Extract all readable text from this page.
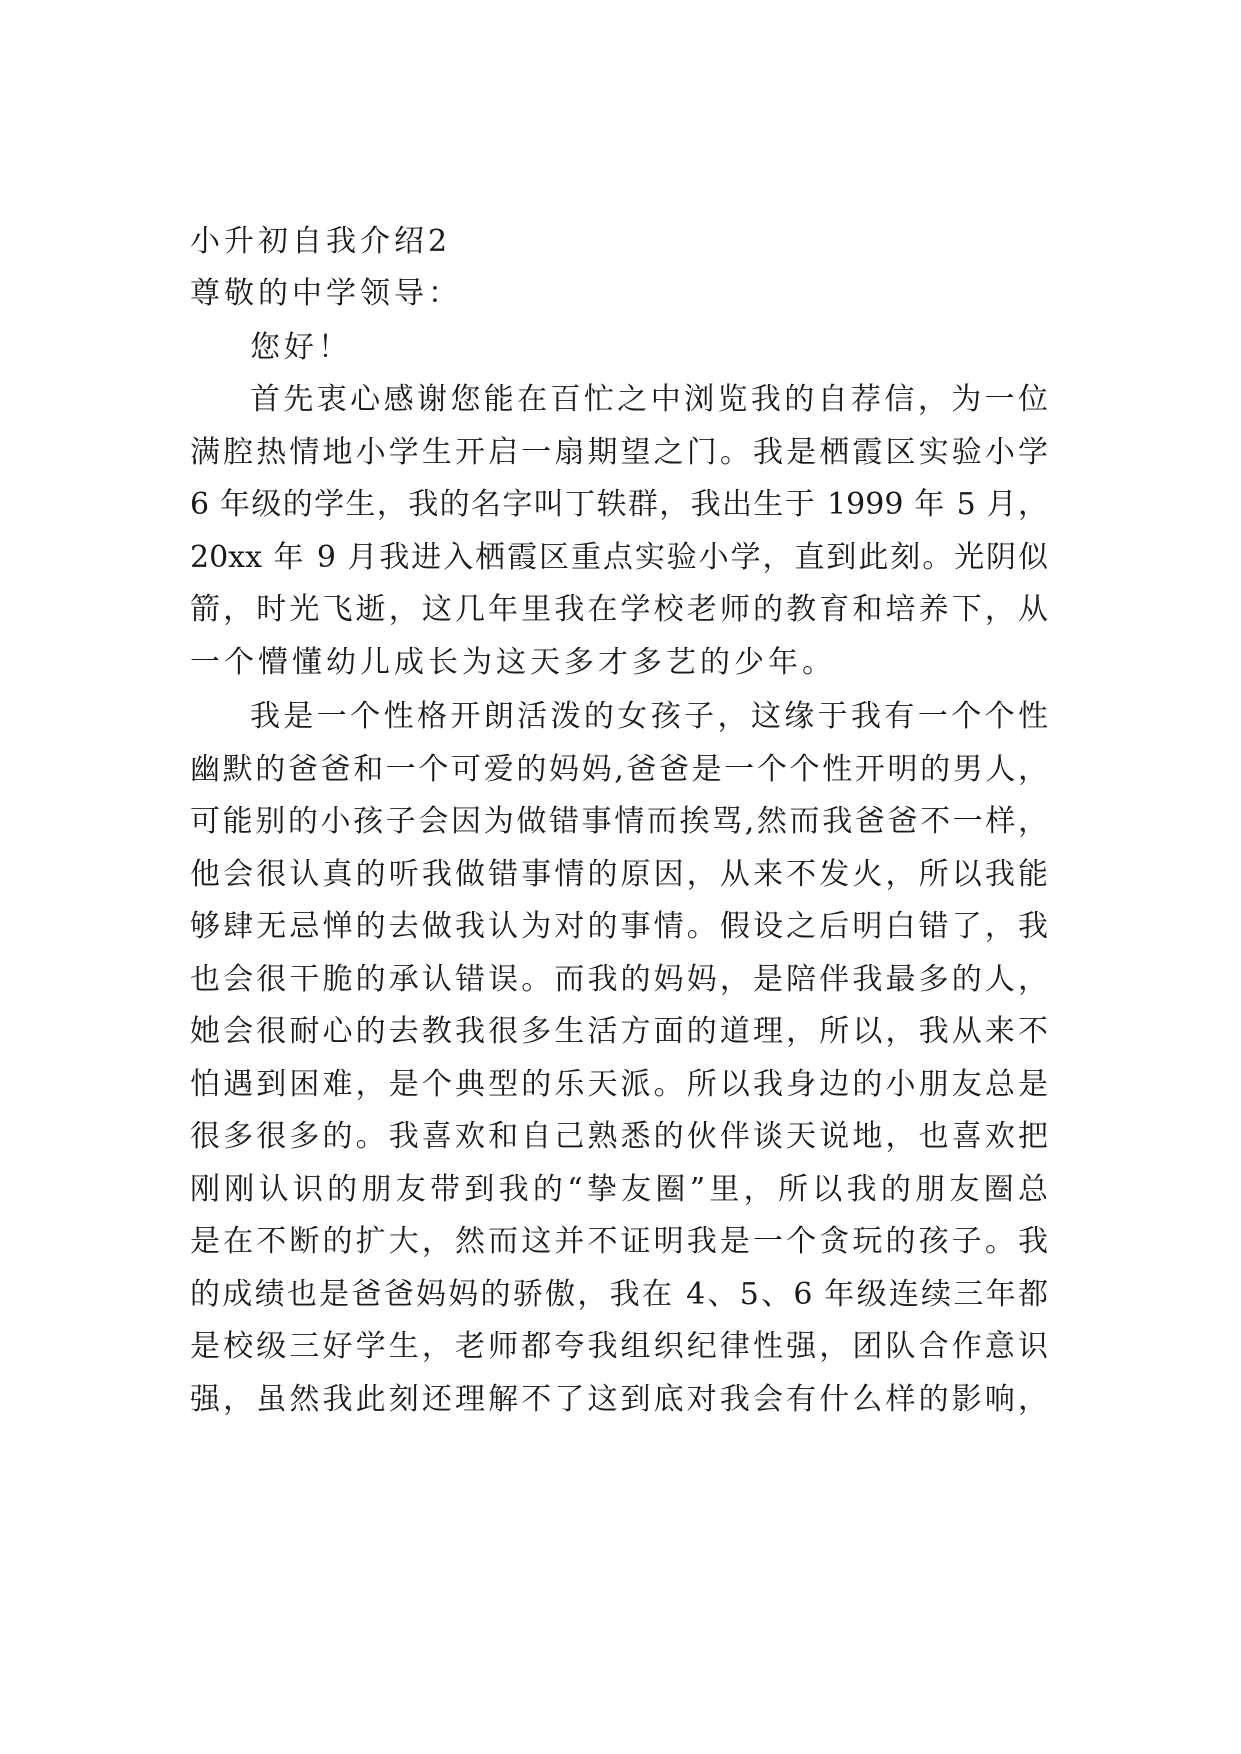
小升初自我介绍2
尊敬的中学领导：
您好！
首先衷心感谢您能在百忙之中浏览我的自荐信，为一位
满腔热情地小学生开启一扇期望之门。我是栖霞区实验小学
6 年级的学生，我的名字叫丁轶群，我出生于 1999 年 5 月，
20xx 年 9 月我进入栖霞区重点实验小学，直到此刻。光阴似
箭，时光飞逝，这几年里我在学校老师的教育和培养下，从
一个懵懂幼儿成长为这天多才多艺的少年。
我是一个性格开朗活泼的女孩子，这缘于我有一个个性
幽默的爸爸和一个可爱的妈妈,爸爸是一个个性开明的男人，
可能别的小孩子会因为做错事情而挨骂,然而我爸爸不一样，
他会很认真的听我做错事情的原因，从来不发火，所以我能
够肆无忌惮的去做我认为对的事情。假设之后明白错了，我
也会很干脆的承认错误。而我的妈妈，是陪伴我最多的人，
她会很耐心的去教我很多生活方面的道理，所以，我从来不
怕遇到困难，是个典型的乐天派。所以我身边的小朋友总是
很多很多的。我喜欢和自己熟悉的伙伴谈天说地，也喜欢把
刚刚认识的朋友带到我的“挚友圈”里，所以我的朋友圈总
是在不断的扩大，然而这并不证明我是一个贪玩的孩子。我
的成绩也是爸爸妈妈的骄傲，我在 4、5、6 年级连续三年都
是校级三好学生，老师都夸我组织纪律性强，团队合作意识
强，虽然我此刻还理解不了这到底对我会有什么样的影响，
